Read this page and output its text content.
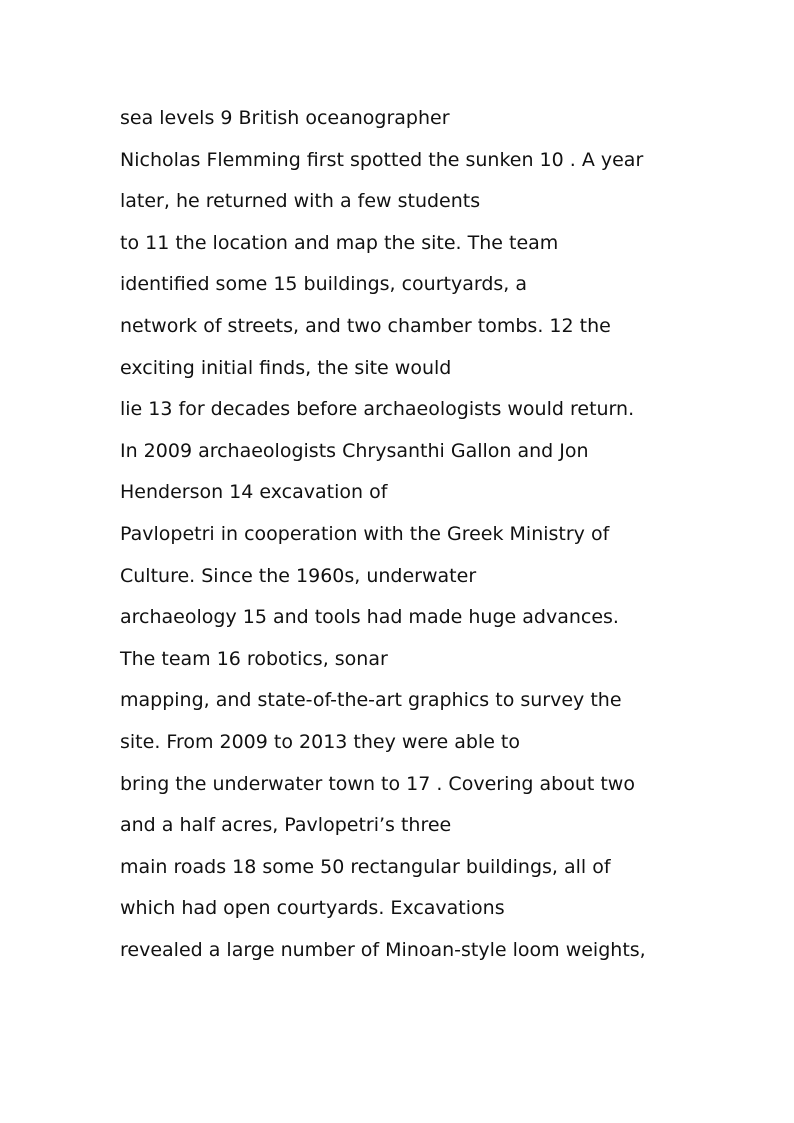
sea levels 9 British oceanographer
Nicholas Flemming first spotted the sunken 10 . A year
later, he returned with a few students
to 11 the location and map the site. The team
identified some 15 buildings, courtyards, a
network of streets, and two chamber tombs. 12 the
exciting initial finds, the site would
lie 13 for decades before archaeologists would return.
In 2009 archaeologists Chrysanthi Gallon and Jon
Henderson 14 excavation of
Pavlopetri in cooperation with the Greek Ministry of
Culture. Since the 1960s, underwater
archaeology 15 and tools had made huge advances.
The team 16 robotics, sonar
mapping, and state-of-the-art graphics to survey the
site. From 2009 to 2013 they were able to
bring the underwater town to 17 . Covering about two
and a half acres, Pavlopetri’s three
main roads 18 some 50 rectangular buildings, all of
which had open courtyards. Excavations
revealed a large number of Minoan-style loom weights,
